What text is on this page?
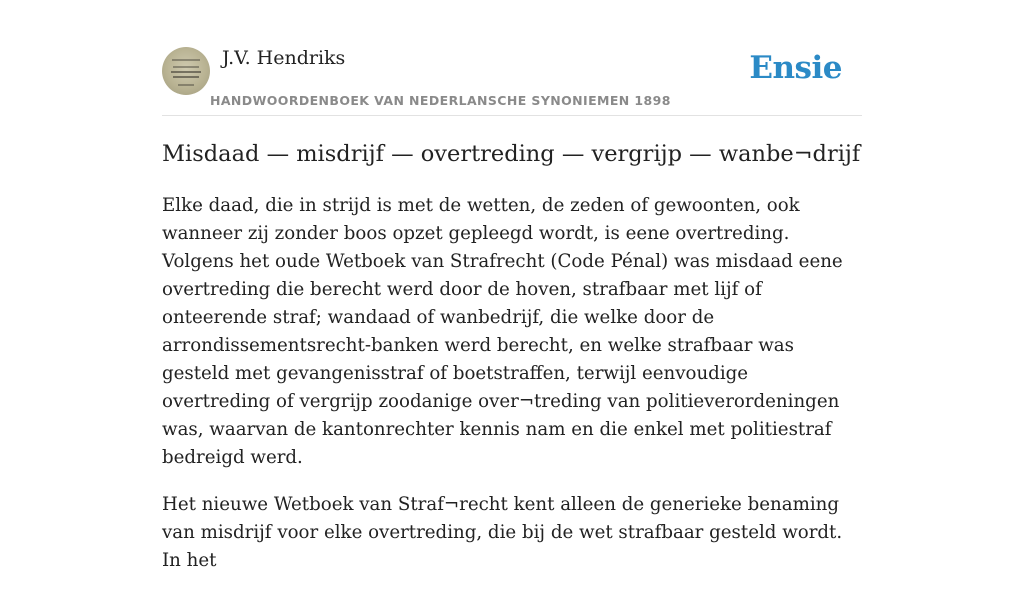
J.V. Hendriks
HANDWOORDENBOEK VAN NEDERLANSCHE SYNONIEMEN 1898
Ensie
Misdaad — misdrijf — overtreding — vergrijp — wanbe¬drijf

Elke daad, die in strijd is met de wetten, de zeden of gewoonten, ook wanneer zij zonder boos opzet gepleegd wordt, is eene overtreding. Volgens het oude Wetboek van Strafrecht (Code Pénal) was misdaad eene overtreding die berecht werd door de hoven, strafbaar met lijf of onteerende straf; wandaad of wanbedrijf, die welke door de arrondissementsrecht-banken werd berecht, en welke strafbaar was gesteld met gevangenisstraf of boetstraffen, terwijl eenvoudige overtreding of vergrijp zoodanige over¬treding van politieverordeningen was, waarvan de kantonrechter kennis nam en die enkel met politiestraf bedreigd werd.

Het nieuwe Wetboek van Straf¬recht kent alleen de generieke benaming van misdrijf voor elke overtreding, die bij de wet strafbaar gesteld wordt. In het
